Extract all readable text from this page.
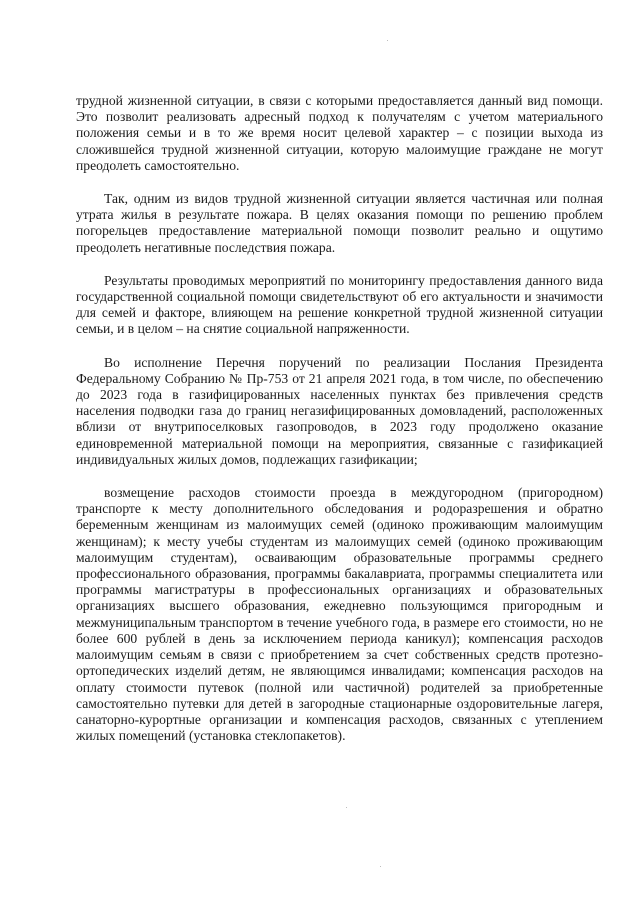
трудной жизненной ситуации, в связи с которыми предоставляется данный вид помощи. Это позволит реализовать адресный подход к получателям с учетом материального положения семьи и в то же время носит целевой характер – с позиции выхода из сложившейся трудной жизненной ситуации, которую малоимущие граждане не могут преодолеть самостоятельно.

Так, одним из видов трудной жизненной ситуации является частичная или полная утрата жилья в результате пожара. В целях оказания помощи по решению проблем погорельцев предоставление материальной помощи позволит реально и ощутимо преодолеть негативные последствия пожара.

Результаты проводимых мероприятий по мониторингу предоставления данного вида государственной социальной помощи свидетельствуют об его актуальности и значимости для семей и факторе, влияющем на решение конкретной трудной жизненной ситуации семьи, и в целом – на снятие социальной напряженности.

Во исполнение Перечня поручений по реализации Послания Президента Федеральному Собранию № Пр-753 от 21 апреля 2021 года, в том числе, по обеспечению до 2023 года в газифицированных населенных пунктах без привлечения средств населения подводки газа до границ негазифицированных домовладений, расположенных вблизи от внутрипоселковых газопроводов, в 2023 году продолжено оказание единовременной материальной помощи на мероприятия, связанные с газификацией индивидуальных жилых домов, подлежащих газификации;

возмещение расходов стоимости проезда в междугородном (пригородном) транспорте к месту дополнительного обследования и родоразрешения и обратно беременным женщинам из малоимущих семей (одиноко проживающим малоимущим женщинам); к месту учебы студентам из малоимущих семей (одиноко проживающим малоимущим студентам), осваивающим образовательные программы среднего профессионального образования, программы бакалавриата, программы специалитета или программы магистратуры в профессиональных организациях и образовательных организациях высшего образования, ежедневно пользующимся пригородным и межмуниципальным транспортом в течение учебного года, в размере его стоимости, но не более 600 рублей в день за исключением периода каникул); компенсация расходов малоимущим семьям в связи с приобретением за счет собственных средств протезно-ортопедических изделий детям, не являющимся инвалидами; компенсация расходов на оплату стоимости путевок (полной или частичной) родителей за приобретенные самостоятельно путевки для детей в загородные стационарные оздоровительные лагеря, санаторно-курортные организации и компенсация расходов, связанных с утеплением жилых помещений (установка стеклопакетов).
